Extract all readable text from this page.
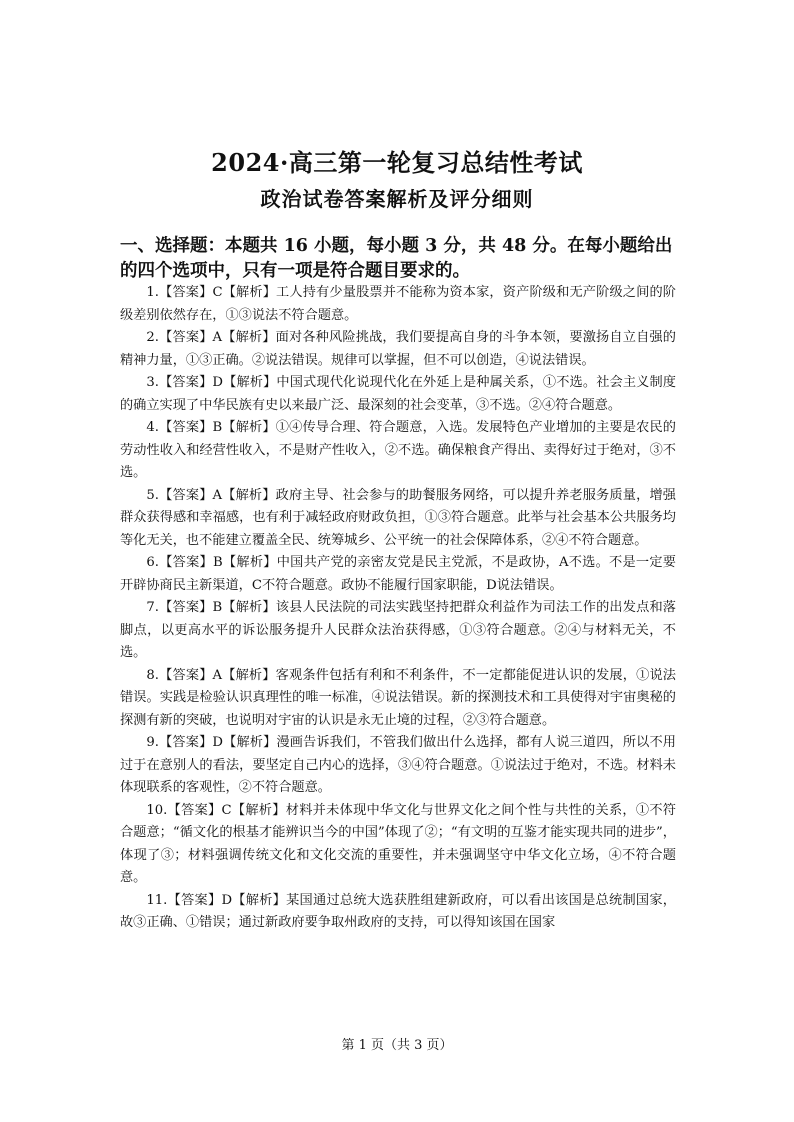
2024·高三第一轮复习总结性考试
政治试卷答案解析及评分细则
一、选择题：本题共 16 小题，每小题 3 分，共 48 分。在每小题给出的四个选项中，只有一项是符合题目要求的。

1.【答案】C【解析】工人持有少量股票并不能称为资本家，资产阶级和无产阶级之间的阶级差别依然存在，①③说法不符合题意。

2.【答案】A【解析】面对各种风险挑战，我们要提高自身的斗争本领，要激扬自立自强的精神力量，①③正确。②说法错误。规律可以掌握，但不可以创造，④说法错误。

3.【答案】D【解析】中国式现代化说现代化在外延上是种属关系，①不选。社会主义制度的确立实现了中华民族有史以来最广泛、最深刻的社会变革，③不选。②④符合题意。

4.【答案】B【解析】①④传导合理、符合题意，入选。发展特色产业增加的主要是农民的劳动性收入和经营性收入，不是财产性收入，②不选。确保粮食产得出、卖得好过于绝对，③不选。

5.【答案】A【解析】政府主导、社会参与的助餐服务网络，可以提升养老服务质量，增强群众获得感和幸福感，也有利于减轻政府财政负担，①③符合题意。此举与社会基本公共服务均等化无关，也不能建立覆盖全民、统筹城乡、公平统一的社会保障体系，②④不符合题意。

6.【答案】B【解析】中国共产党的亲密友党是民主党派，不是政协，A不选。不是一定要开辟协商民主新渠道，C不符合题意。政协不能履行国家职能，D说法错误。

7.【答案】B【解析】该县人民法院的司法实践坚持把群众利益作为司法工作的出发点和落脚点，以更高水平的诉讼服务提升人民群众法治获得感，①③符合题意。②④与材料无关，不选。

8.【答案】A【解析】客观条件包括有利和不利条件，不一定都能促进认识的发展，①说法错误。实践是检验认识真理性的唯一标准，④说法错误。新的探测技术和工具使得对宇宙奥秘的探测有新的突破，也说明对宇宙的认识是永无止境的过程，②③符合题意。

9.【答案】D【解析】漫画告诉我们，不管我们做出什么选择，都有人说三道四，所以不用过于在意别人的看法，要坚定自己内心的选择，③④符合题意。①说法过于绝对，不选。材料未体现联系的客观性，②不符合题意。

10.【答案】C【解析】材料并未体现中华文化与世界文化之间个性与共性的关系，①不符合题意；“循文化的根基才能辨识当今的中国”体现了②；“有文明的互鉴才能实现共同的进步”，体现了③；材料强调传统文化和文化交流的重要性，并未强调坚守中华文化立场，④不符合题意。

11.【答案】D【解析】某国通过总统大选获胜组建新政府，可以看出该国是总统制国家，故③正确、①错误；通过新政府要争取州政府的支持，可以得知该国在国家

第 1 页（共 3 页）
